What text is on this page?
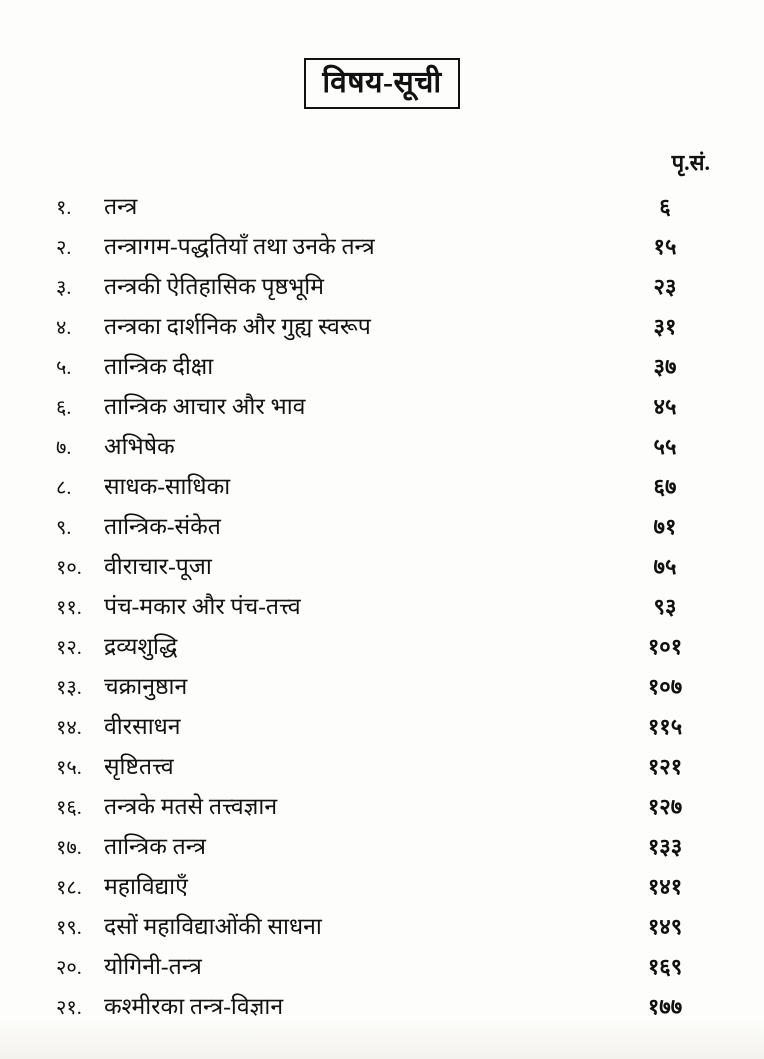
विषय-सूची
पृ.सं.
१.	तन्त्र	६
२.	तन्त्रागम-पद्धतियाँ तथा उनके तन्त्र	१५
३.	तन्त्रकी ऐतिहासिक पृष्ठभूमि	२३
४.	तन्त्रका दार्शनिक और गुह्य स्वरूप	३१
५.	तान्त्रिक दीक्षा	३७
६.	तान्त्रिक आचार और भाव	४५
७.	अभिषेक	५५
८.	साधक-साधिका	६७
९.	तान्त्रिक-संकेत	७१
१०. वीराचार-पूजा	७५
११. पंच-मकार और पंच-तत्त्व	९३
१२. द्रव्यशुद्धि	१०१
१३. चक्रानुष्ठान	१०७
१४. वीरसाधन	११५
१५. सृष्टितत्त्व	१२१
१६. तन्त्रके मतसे तत्त्वज्ञान	१२७
१७. तान्त्रिक तन्त्र	१३३
१८. महाविद्याएँ	१४१
१९. दसों महाविद्याओंकी साधना	१४९
२०. योगिनी-तन्त्र	१६९
२१. कश्मीरका तन्त्र-विज्ञान	१७७
